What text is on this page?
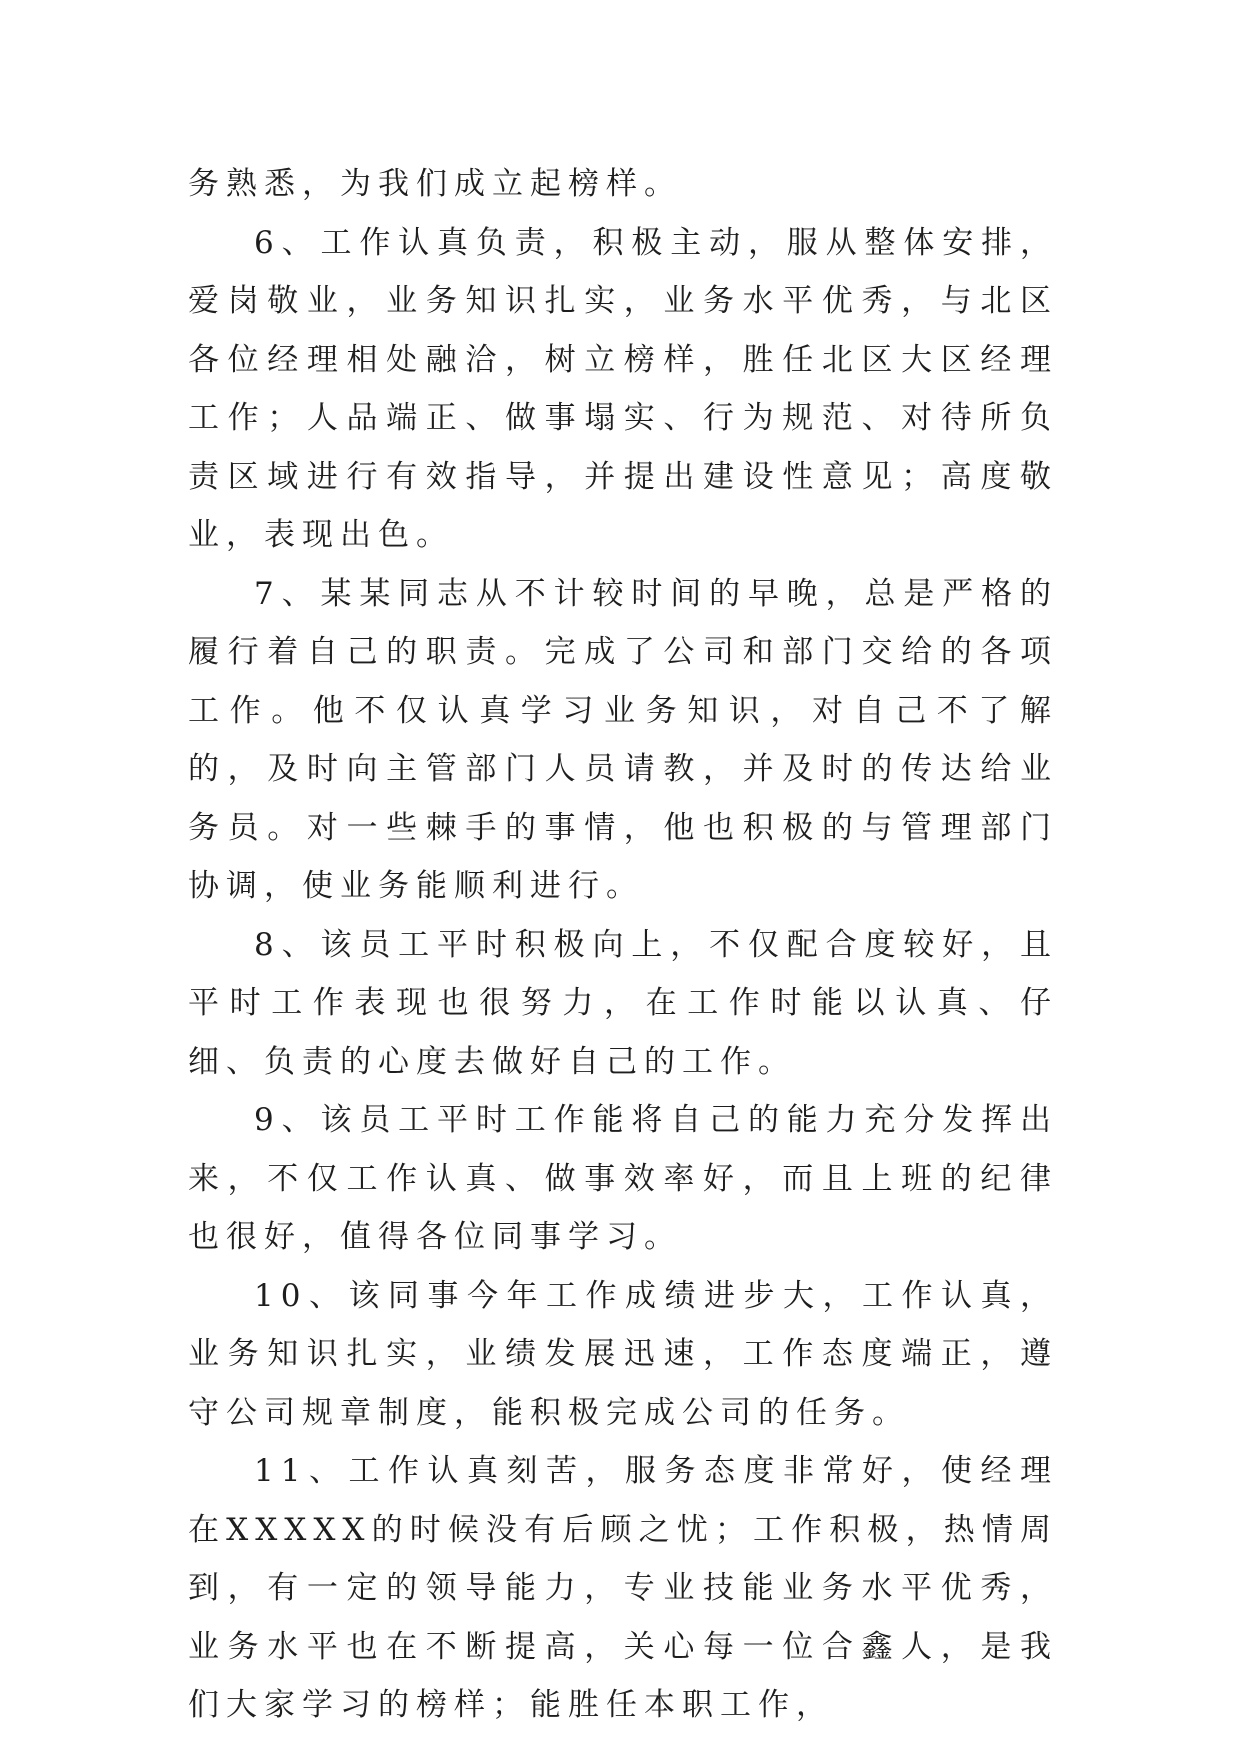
务熟悉，为我们成立起榜样。

6、工作认真负责，积极主动，服从整体安排，爱岗敬业，业务知识扎实，业务水平优秀，与北区各位经理相处融洽，树立榜样，胜任北区大区经理工作；人品端正、做事塌实、行为规范、对待所负责区域进行有效指导，并提出建设性意见；高度敬业，表现出色。

7、某某同志从不计较时间的早晚，总是严格的履行着自己的职责。完成了公司和部门交给的各项工作。他不仅认真学习业务知识，对自己不了解的，及时向主管部门人员请教，并及时的传达给业务员。对一些棘手的事情，他也积极的与管理部门协调，使业务能顺利进行。

8、该员工平时积极向上，不仅配合度较好，且平时工作表现也很努力，在工作时能以认真、仔细、负责的心度去做好自己的工作。

9、该员工平时工作能将自己的能力充分发挥出来，不仅工作认真、做事效率好，而且上班的纪律也很好，值得各位同事学习。

10、该同事今年工作成绩进步大，工作认真，业务知识扎实，业绩发展迅速，工作态度端正，遵守公司规章制度，能积极完成公司的任务。

11、工作认真刻苦，服务态度非常好，使经理在XXXXX的时候没有后顾之忧；工作积极，热情周到，有一定的领导能力，专业技能业务水平优秀，业务水平也在不断提高，关心每一位合鑫人，是我们大家学习的榜样；能胜任本职工作，
